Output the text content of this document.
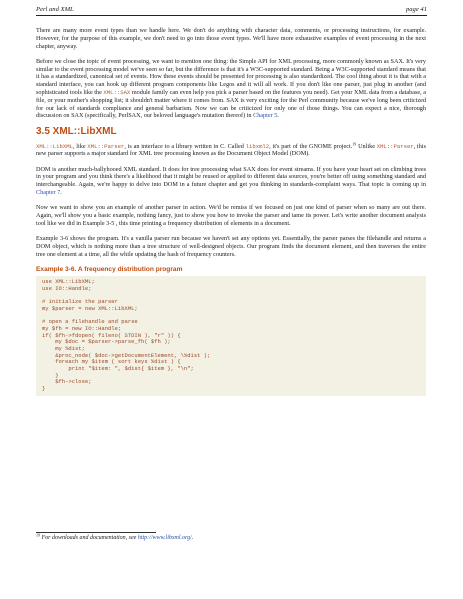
Perl and XML	page 41

There are many more event types than we handle here. We don't do anything with character data, comments, or processing instructions, for example. However, for the purpose of this example, we don't need to go into those event types. We'll have more exhaustive examples of event processing in the next chapter, anyway.

Before we close the topic of event processing, we want to mention one thing: the Simple API for XML processing, more commonly known as SAX. It's very similar to the event processing model we've seen so far, but the difference is that it's a W3C-supported standard. Being a W3C-supported standard means that it has a standardized, canonical set of events. How these events should be presented for processing is also standardized. The cool thing about it is that with a standard interface, you can hook up different program components like Legos and it will all work. If you don't like one parser, just plug in another (and sophisticated tools like the XML::SAX module family can even help you pick a parser based on the features you need). Get your XML data from a database, a file, or your mother's shopping list; it shouldn't matter where it comes from. SAX is very exciting for the Perl community because we've long been criticized for our lack of standards compliance and general barbarism. Now we can be criticized for only one of those things. You can expect a nice, thorough discussion on SAX (specifically, PerlSAX, our beloved language's mutation thereof) in Chapter 5.

3.5 XML::LibXML

XML::LibXML, like XML::Parser, is an interface to a library written in C. Called libxml2, it's part of the GNOME project.$^{19}$ Unlike XML::Parser, this new parser supports a major standard for XML tree processing known as the Document Object Model (DOM).

DOM is another much-ballyhooed XML standard. It does for tree processing what SAX does for event streams. If you have your heart set on climbing trees in your program and you think there's a likelihood that it might be reused or applied to different data sources, you're better off using something standard and interchangeable. Again, we're happy to delve into DOM in a future chapter and get you thinking in standards-complaint ways. That topic is coming up in Chapter 7.

Now we want to show you an example of another parser in action. We'd be remiss if we focused on just one kind of parser when so many are out there. Again, we'll show you a basic example, nothing fancy, just to show you how to invoke the parser and tame its power. Let's write another document analysis tool like we did in Example 3-5 , this time printing a frequency distribution of elements in a document.

Example 3-6 shows the program. It's a vanilla parser run because we haven't set any options yet. Essentially, the parser parses the filehandle and returns a DOM object, which is nothing more than a tree structure of well-designed objects. Our program finds the document element, and then traverses the entire tree one element at a time, all the while updating the hash of frequency counters.

Example 3-6. A frequency distribution program
use XML::LibXML;
use IO::Handle;

# initialize the parser
my $parser = new XML::LibXML;

# open a filehandle and parse
my $fh = new IO::Handle;
if( $fh->fdopen( fileno( STDIN ), "r" )) {
my $doc = $parser->parse_fh( $fh );
my %dist;
&proc_node( $doc->getDocumentElement, \%dist );
foreach my $item ( sort keys %dist ) {
print "$item: ", $dist{ $item }, "\n";
}
$fh->close;
}
$^{19}$ For downloads and documentation, see http://www.libxml.org/.
